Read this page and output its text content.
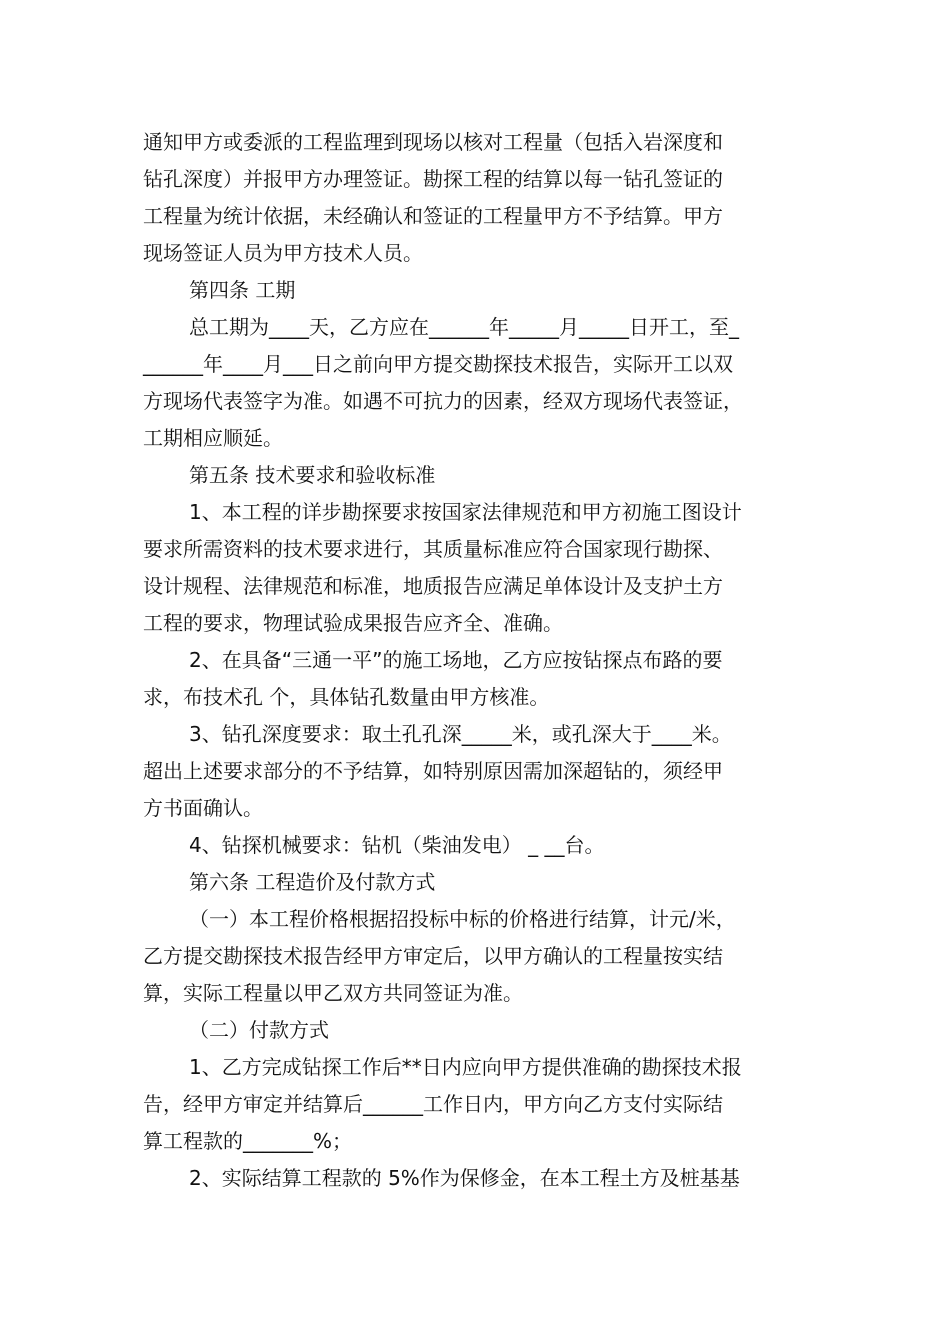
通知甲方或委派的工程监理到现场以核对工程量（包括入岩深度和
钻孔深度）并报甲方办理签证。勘探工程的结算以每一钻孔签证的
工程量为统计依据，未经确认和签证的工程量甲方不予结算。甲方
现场签证人员为甲方技术人员。
第四条 工期
总工期为____天，乙方应在______年_____月_____日开工，至_
______年____月___日之前向甲方提交勘探技术报告，实际开工以双
方现场代表签字为准。如遇不可抗力的因素，经双方现场代表签证，
工期相应顺延。
第五条 技术要求和验收标准
1、本工程的详步勘探要求按国家法律规范和甲方初施工图设计
要求所需资料的技术要求进行，其质量标准应符合国家现行勘探、
设计规程、法律规范和标准，地质报告应满足单体设计及支护土方
工程的要求，物理试验成果报告应齐全、准确。
2、在具备“三通一平”的施工场地，乙方应按钻探点布路的要
求，布技术孔 个，具体钻孔数量由甲方核准。
3、钻孔深度要求：取土孔孔深_____米，或孔深大于____米。
超出上述要求部分的不予结算，如特别原因需加深超钻的，须经甲
方书面确认。
4、钻探机械要求：钻机（柴油发电） _ __台。
第六条 工程造价及付款方式
（一）本工程价格根据招投标中标的价格进行结算，计元/米，
乙方提交勘探技术报告经甲方审定后，以甲方确认的工程量按实结
算，实际工程量以甲乙双方共同签证为准。
（二）付款方式
1、乙方完成钻探工作后**日内应向甲方提供准确的勘探技术报
告，经甲方审定并结算后______工作日内，甲方向乙方支付实际结
算工程款的_______%；
2、实际结算工程款的 5%作为保修金，在本工程土方及桩基基
